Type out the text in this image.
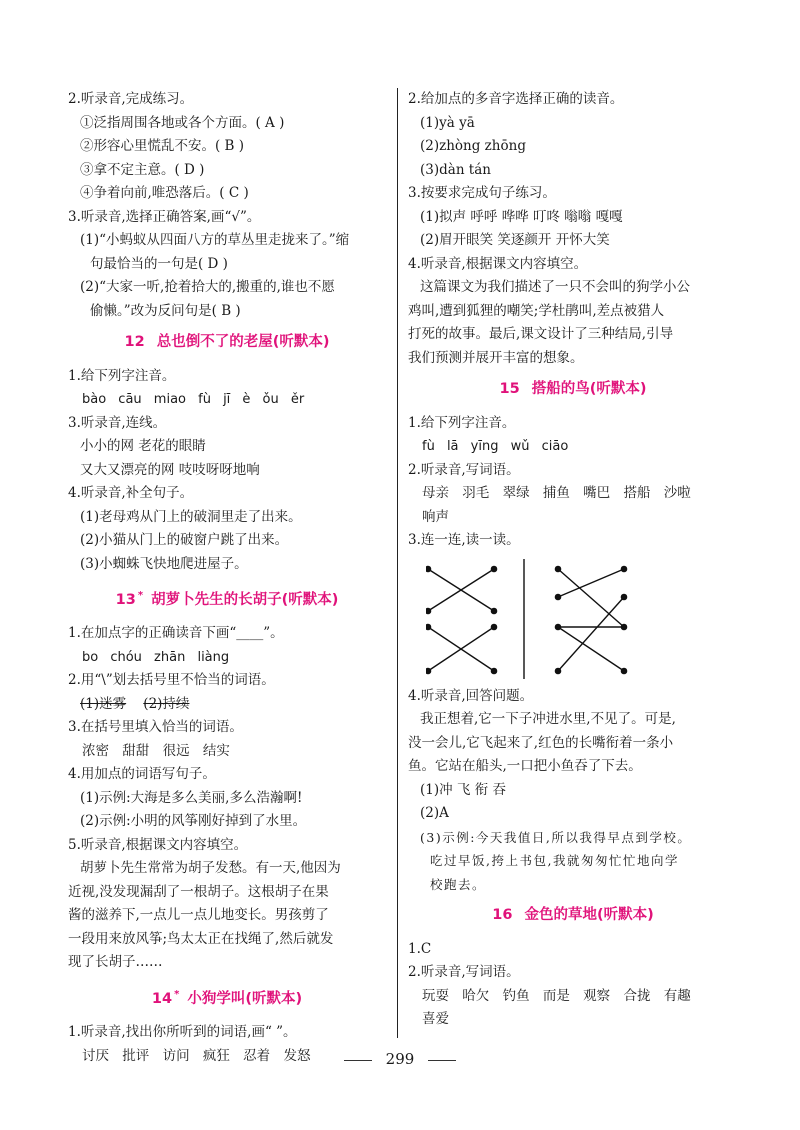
2.听录音,完成练习。
①泛指周围各地或各个方面。( A )
②形容心里慌乱不安。( B )
③拿不定主意。( D )
④争着向前,唯恐落后。( C )
3.听录音,选择正确答案,画“√”。
(1)“小蚂蚁从四面八方的草丛里走拢来了。”缩
句最恰当的一句是( D )
(2)“大家一听,抢着拾大的,搬重的,谁也不愿
偷懒。”改为反问句是( B )
12 总也倒不了的老屋(听默本)
1.给下列字注音。
bào cāu miao fù jī è ǒu ěr
3.听录音,连线。
小小的网 老花的眼睛
又大又漂亮的网 吱吱呀呀地响
4.听录音,补全句子。
(1)老母鸡从门上的破洞里走了出来。
(2)小猫从门上的破窗户跳了出来。
(3)小蜘蛛飞快地爬进屋子。
13 * 胡萝卜先生的长胡子(听默本)
1.在加点字的正确读音下画“____”。
bo chóu zhān liàng
2.用“\”划去括号里不恰当的词语。
(1)迷雾 (2)持续
3.在括号里填入恰当的词语。
浓密 甜甜 很远 结实
4.用加点的词语写句子。
(1)示例:大海是多么美丽,多么浩瀚啊!
(2)示例:小明的风筝刚好掉到了水里。
5.听录音,根据课文内容填空。
胡萝卜先生常常为胡子发愁。有一天,他因为
近视,没发现漏刮了一根胡子。这根胡子在果
酱的滋养下,一点儿一点儿地变长。男孩剪了
一段用来放风筝;鸟太太正在找绳了,然后就发
现了长胡子……
14 * 小狗学叫(听默本)
1.听录音,找出你所听到的词语,画“ ”。
讨厌 批评 访问 疯狂 忍着 发怒
2.给加点的多音字选择正确的读音。
(1)yà yā
(2)zhòng zhōng
(3)dàn tán
3.按要求完成句子练习。
(1)拟声 呼呼 哗哗 叮咚 嗡嗡 嘎嘎
(2)眉开眼笑 笑逐颜开 开怀大笑
4.听录音,根据课文内容填空。
这篇课文为我们描述了一只不会叫的狗学小公
鸡叫,遭到狐狸的嘲笑;学杜鹃叫,差点被猎人
打死的故事。最后,课文设计了三种结局,引导
我们预测并展开丰富的想象。
15 搭船的鸟(听默本)
1.给下列字注音。
fù lā yīng wǔ ciāo
2.听录音,写词语。
母亲 羽毛 翠绿 捕鱼 嘴巴 搭船 沙啦
响声
3.连一连,读一读。
4.听录音,回答问题。
我正想着,它一下子冲进水里,不见了。可是,
没一会儿,它飞起来了,红色的长嘴衔着一条小
鱼。它站在船头,一口把小鱼吞了下去。
(1)冲 飞 衔 吞
(2)A
(3)示例:今天我值日,所以我得早点到学校。
吃过早饭,挎上书包,我就匆匆忙忙地向学
校跑去。
16 金色的草地(听默本)
1.C
2.听录音,写词语。
玩耍 哈欠 钓鱼 而是 观察 合拢 有趣
喜爱
299
